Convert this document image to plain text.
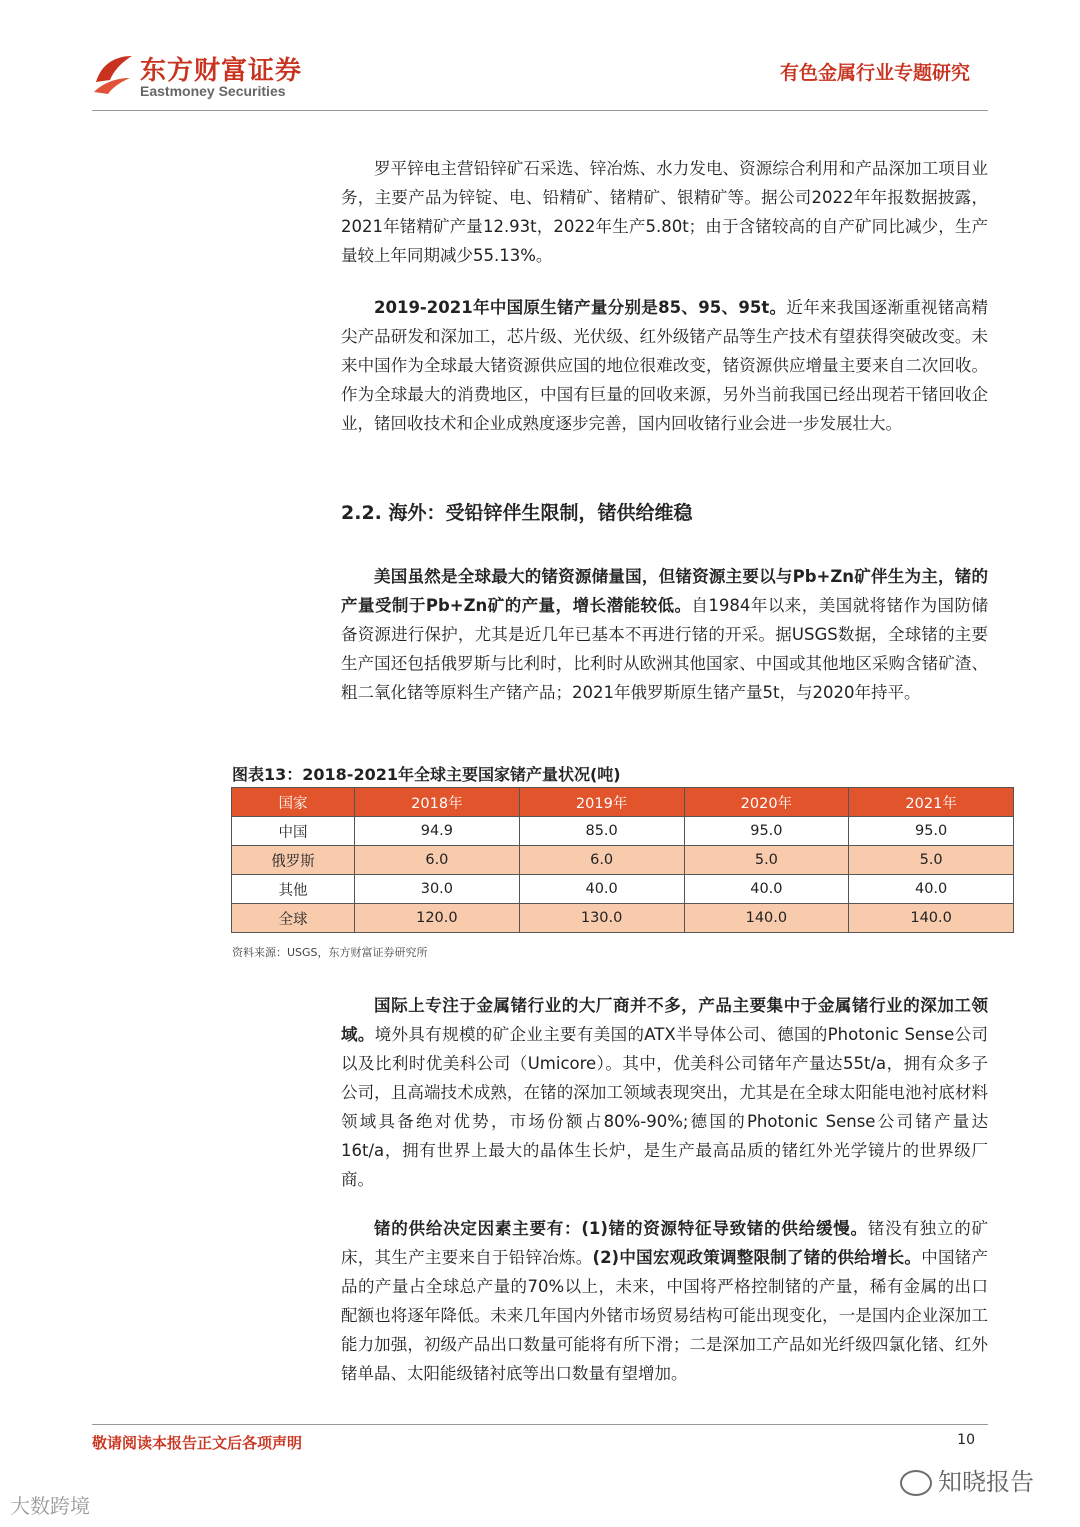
东方财富证券
Eastmoney Securities
有色金属行业专题研究
罗平锌电主营铅锌矿石采选、锌冶炼、水力发电、资源综合利用和产品深加工项目业务，主要产品为锌锭、电、铅精矿、锗精矿、银精矿等。据公司2022年年报数据披露，2021年锗精矿产量12.93t，2022年生产5.80t；由于含锗较高的自产矿同比减少，生产量较上年同期减少55.13%。
2019-2021年中国原生锗产量分别是85、95、95t。近年来我国逐渐重视锗高精尖产品研发和深加工，芯片级、光伏级、红外级锗产品等生产技术有望获得突破改变。未来中国作为全球最大锗资源供应国的地位很难改变，锗资源供应增量主要来自二次回收。作为全球最大的消费地区，中国有巨量的回收来源，另外当前我国已经出现若干锗回收企业，锗回收技术和企业成熟度逐步完善，国内回收锗行业会进一步发展壮大。
2.2. 海外：受铅锌伴生限制，锗供给维稳
美国虽然是全球最大的锗资源储量国，但锗资源主要以与Pb+Zn矿伴生为主，锗的产量受制于Pb+Zn矿的产量，增长潜能较低。自1984年以来，美国就将锗作为国防储备资源进行保护，尤其是近几年已基本不再进行锗的开采。据USGS数据，全球锗的主要生产国还包括俄罗斯与比利时，比利时从欧洲其他国家、中国或其他地区采购含锗矿渣、粗二氧化锗等原料生产锗产品；2021年俄罗斯原生锗产量5t，与2020年持平。
图表13：2018-2021年全球主要国家锗产量状况(吨)
国家	2018年	2019年	2020年	2021年
中国	94.9	85.0	95.0	95.0
俄罗斯	6.0	6.0	5.0	5.0
其他	30.0	40.0	40.0	40.0
全球	120.0	130.0	140.0	140.0
资料来源：USGS，东方财富证券研究所
国际上专注于金属锗行业的大厂商并不多，产品主要集中于金属锗行业的深加工领域。境外具有规模的矿企业主要有美国的ATX半导体公司、德国的Photonic Sense公司以及比利时优美科公司（Umicore）。其中，优美科公司锗年产量达55t/a，拥有众多子公司，且高端技术成熟，在锗的深加工领域表现突出，尤其是在全球太阳能电池衬底材料领域具备绝对优势，市场份额占80%-90%;德国的Photonic Sense公司锗产量达16t/a，拥有世界上最大的晶体生长炉，是生产最高品质的锗红外光学镜片的世界级厂商。
锗的供给决定因素主要有：(1)锗的资源特征导致锗的供给缓慢。锗没有独立的矿床，其生产主要来自于铅锌冶炼。(2)中国宏观政策调整限制了锗的供给增长。中国锗产品的产量占全球总产量的70%以上，未来，中国将严格控制锗的产量，稀有金属的出口配额也将逐年降低。未来几年国内外锗市场贸易结构可能出现变化，一是国内企业深加工能力加强，初级产品出口数量可能将有所下滑；二是深加工产品如光纤级四氯化锗、红外锗单晶、太阳能级锗衬底等出口数量有望增加。
敬请阅读本报告正文后各项声明	10
知晓报告
大数跨境
